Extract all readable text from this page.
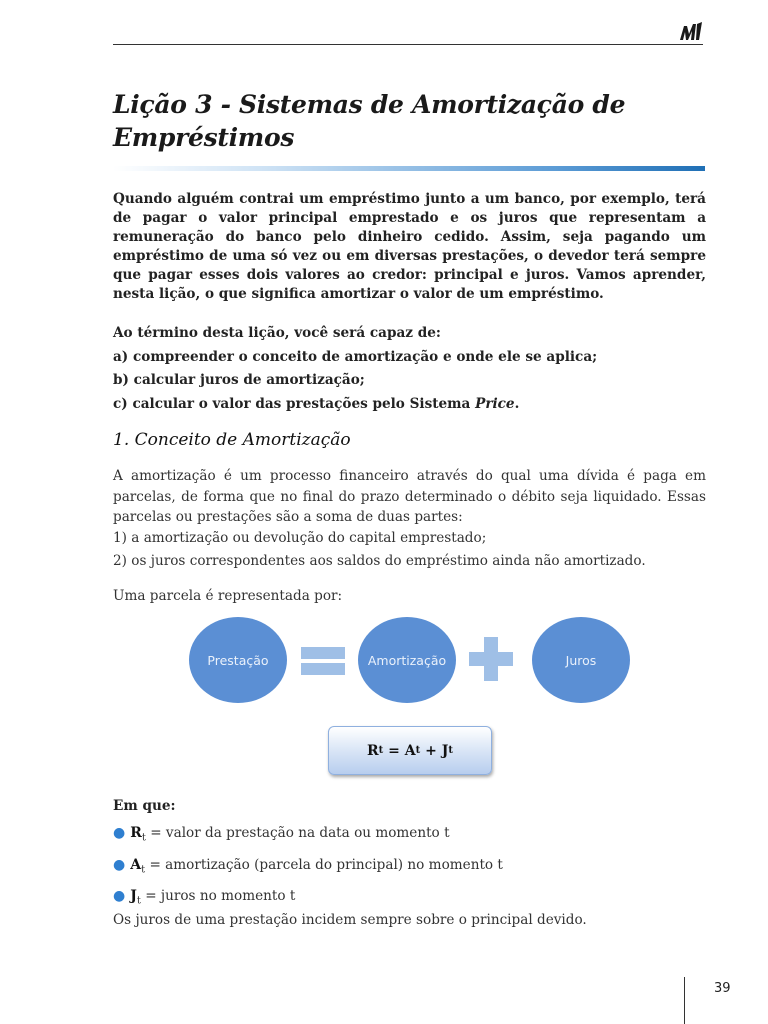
Lição 3 - Sistemas de Amortização de Empréstimos

Quando alguém contrai um empréstimo junto a um banco, por exemplo, terá de pagar o valor principal emprestado e os juros que representam a remuneração do banco pelo dinheiro cedido. Assim, seja pagando um empréstimo de uma só vez ou em diversas prestações, o devedor terá sempre que pagar esses dois valores ao credor: principal e juros. Vamos aprender, nesta lição, o que significa amortizar o valor de um empréstimo.

Ao término desta lição, você será capaz de:
a) compreender o conceito de amortização e onde ele se aplica;
b) calcular juros de amortização;
c) calcular o valor das prestações pelo Sistema Price.
1. Conceito de Amortização

A amortização é um processo financeiro através do qual uma dívida é paga em parcelas, de forma que no final do prazo determinado o débito seja liquidado. Essas parcelas ou prestações são a soma de duas partes:

1) a amortização ou devolução do capital emprestado;

2) os juros correspondentes aos saldos do empréstimo ainda não amortizado.

Uma parcela é representada por:

Prestação	Amortização	Juros
R t = A t + J t

Em que:

● $R_t$ = valor da prestação na data ou momento t
● $A_t$ = amortização (parcela do principal) no momento t
● $J_t$ = juros no momento t

Os juros de uma prestação incidem sempre sobre o principal devido.

39
